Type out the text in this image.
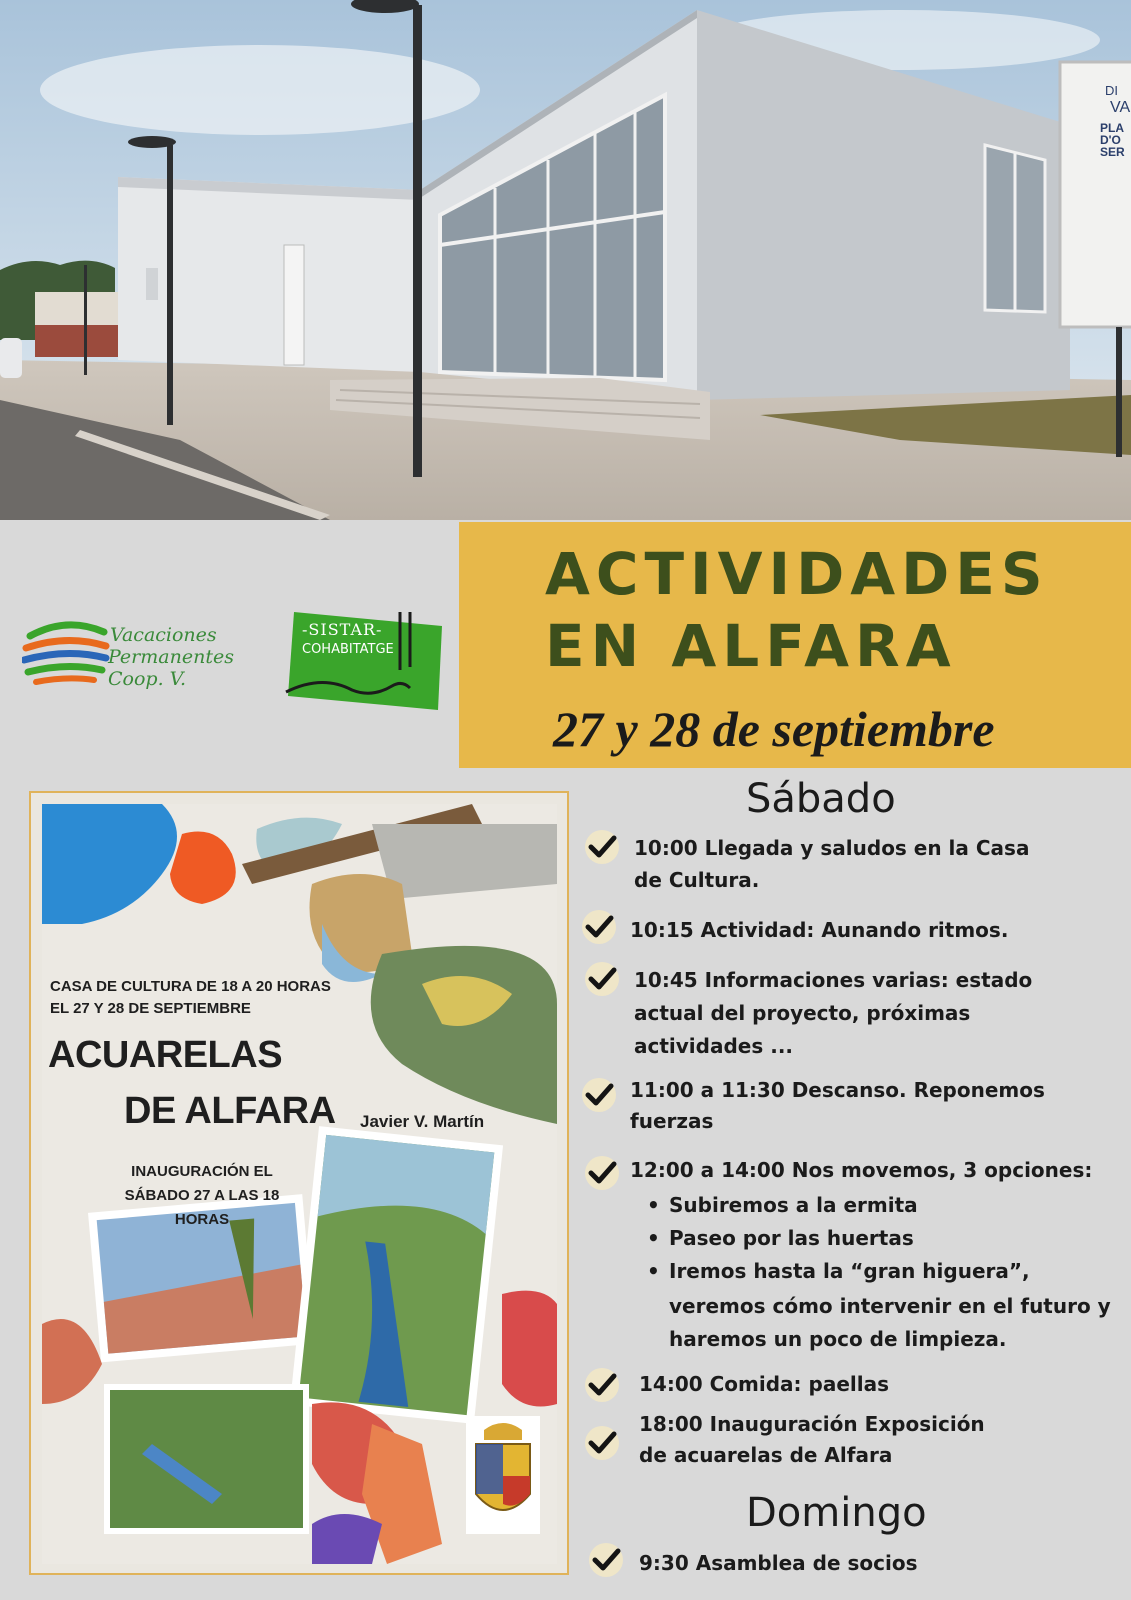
DI
VA
PLA
D'O
SER
Vacaciones
Permanentes
Coop. V.
-SISTAR-
COHABITATGE
ACTIVIDADES
EN ALFARA
27 y 28 de septiembre
CASA DE CULTURA DE 18 A 20 HORAS
EL 27 Y 28 DE SEPTIEMBRE
ACUARELAS
DE ALFARA Javier V. Martín
INAUGURACIÓN EL SÁBADO 27 A LAS 18 HORAS
Sábado
10:00 Llegada y saludos en la Casa
de Cultura.
10:15 Actividad: Aunando ritmos.
10:45 Informaciones varias: estado
actual del proyecto, próximas
actividades ...
11:00 a 11:30 Descanso. Reponemos
fuerzas
12:00 a 14:00 Nos movemos, 3 opciones:
• Subiremos a la ermita
• Paseo por las huertas
• Iremos hasta la “gran higuera”,
veremos cómo intervenir en el futuro y
haremos un poco de limpieza.
14:00 Comida: paellas
18:00 Inauguración Exposición
de acuarelas de Alfara
Domingo
9:30 Asamblea de socios
